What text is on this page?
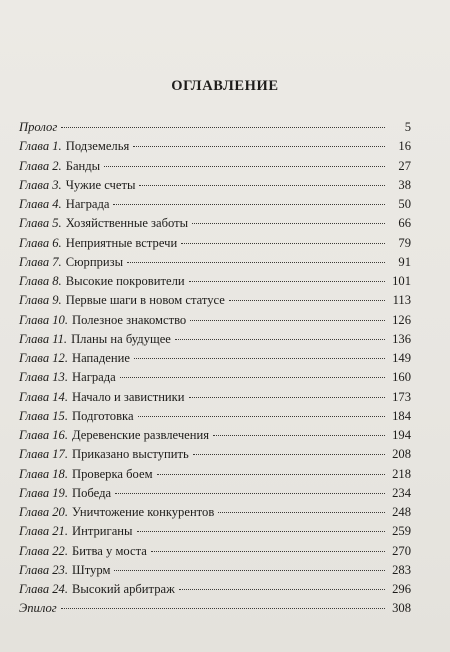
ОГЛАВЛЕНИЕ
Пролог	5
Глава 1. Подземелья	16
Глава 2. Банды	27
Глава 3. Чужие счеты	38
Глава 4. Награда	50
Глава 5. Хозяйственные заботы	66
Глава 6. Неприятные встречи	79
Глава 7. Сюрпризы	91
Глава 8. Высокие покровители	101
Глава 9. Первые шаги в новом статусе	113
Глава 10. Полезное знакомство	126
Глава 11. Планы на будущее	136
Глава 12. Нападение	149
Глава 13. Награда	160
Глава 14. Начало и завистники	173
Глава 15. Подготовка	184
Глава 16. Деревенские развлечения	194
Глава 17. Приказано выступить	208
Глава 18. Проверка боем	218
Глава 19. Победа	234
Глава 20. Уничтожение конкурентов	248
Глава 21. Интриганы	259
Глава 22. Битва у моста	270
Глава 23. Штурм	283
Глава 24. Высокий арбитраж	296
Эпилог	308
